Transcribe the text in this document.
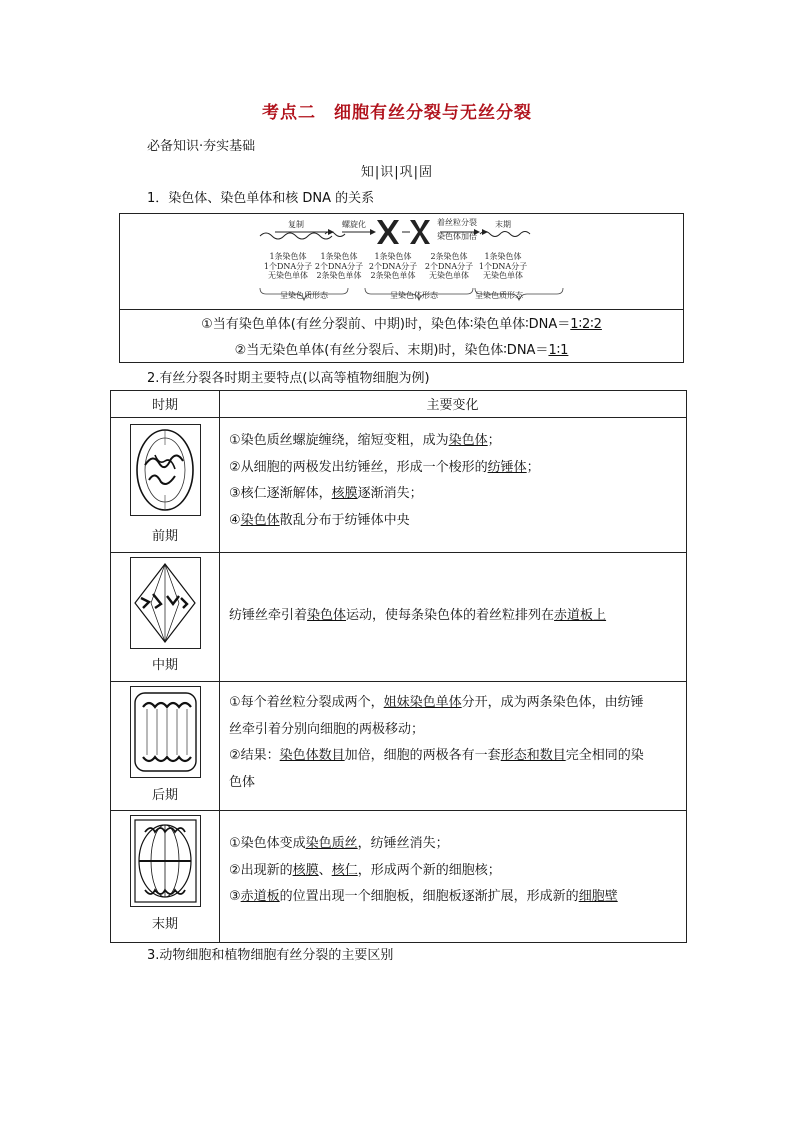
考点二　细胞有丝分裂与无丝分裂
必备知识·夯实基础
知|识|巩|固
1．染色体、染色单体和核 DNA 的关系
复制	螺旋化	着丝粒分裂
染色体加倍
末期
1条染色体
1个DNA分子
无染色单体
1条染色体
2个DNA分子
2条染色单体
1条染色体
2个DNA分子
2条染色单体
2条染色体
2个DNA分子
无染色单体
1条染色体
1个DNA分子
无染色单体
呈染色质形态	呈染色体形态	呈染色质形态
①当有染色单体(有丝分裂前、中期)时，染色体∶染色单体∶DNA＝1∶2∶2
②当无染色单体(有丝分裂后、末期)时，染色体∶DNA＝1∶1
2.有丝分裂各时期主要特点(以高等植物细胞为例)
时期	主要变化
前期
①染色质丝螺旋缠绕，缩短变粗，成为染色体；
②从细胞的两极发出纺锤丝，形成一个梭形的纺锤体；
③核仁逐渐解体，核膜逐渐消失；
④染色体散乱分布于纺锤体中央
中期
纺锤丝牵引着染色体运动，使每条染色体的着丝粒排列在赤道板上
后期
①每个着丝粒分裂成两个，姐妹染色单体分开，成为两条染色体，由纺锤
丝牵引着分别向细胞的两极移动；
②结果：染色体数目加倍，细胞的两极各有一套形态和数目完全相同的染
色体
末期
①染色体变成染色质丝，纺锤丝消失；
②出现新的核膜、核仁，形成两个新的细胞核；
③赤道板的位置出现一个细胞板，细胞板逐渐扩展，形成新的细胞壁
3.动物细胞和植物细胞有丝分裂的主要区别
